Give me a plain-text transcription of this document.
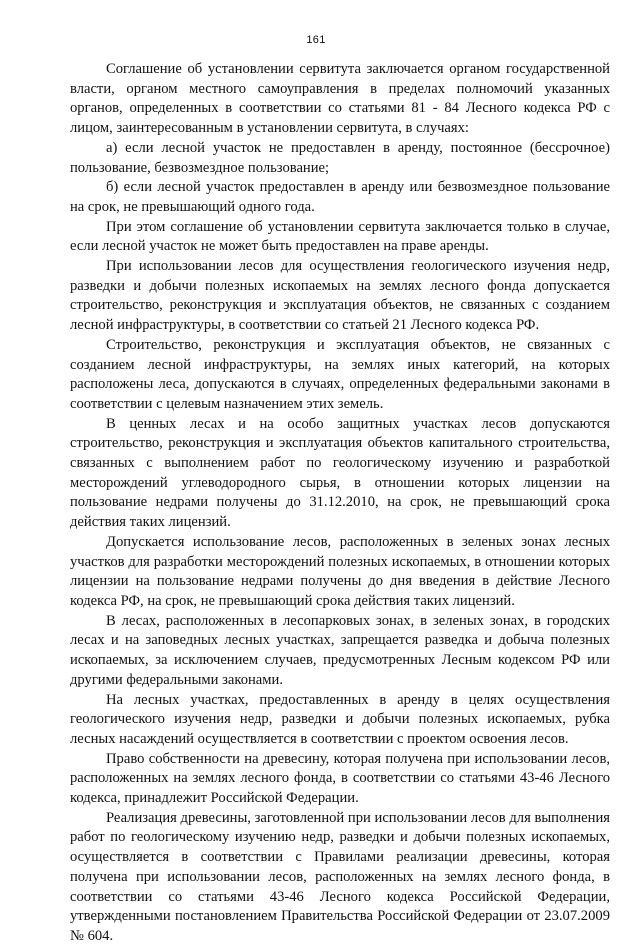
161

Соглашение об установлении сервитута заключается органом государственной власти, органом местного самоуправления в пределах полномочий указанных органов, определенных в соответствии со статьями 81 - 84 Лесного кодекса РФ с лицом, заинтересованным в установлении сервитута, в случаях:

а) если лесной участок не предоставлен в аренду, постоянное (бессрочное) пользование, безвозмездное пользование;

б) если лесной участок предоставлен в аренду или безвозмездное пользование на срок, не превышающий одного года.

При этом соглашение об установлении сервитута заключается только в случае, если лесной участок не может быть предоставлен на праве аренды.

При использовании лесов для осуществления геологического изучения недр, разведки и добычи полезных ископаемых на землях лесного фонда допускается строительство, реконструкция и эксплуатация объектов, не связанных с созданием лесной инфраструктуры, в соответствии со статьей 21 Лесного кодекса РФ.

Строительство, реконструкция и эксплуатация объектов, не связанных с созданием лесной инфраструктуры, на землях иных категорий, на которых расположены леса, допускаются в случаях, определенных федеральными законами в соответствии с целевым назначением этих земель.

В ценных лесах и на особо защитных участках лесов допускаются строительство, реконструкция и эксплуатация объектов капитального строительства, связанных с выполнением работ по геологическому изучению и разработкой месторождений углеводородного сырья, в отношении которых лицензии на пользование недрами получены до 31.12.2010, на срок, не превышающий срока действия таких лицензий.

Допускается использование лесов, расположенных в зеленых зонах лесных участков для разработки месторождений полезных ископаемых, в отношении которых лицензии на пользование недрами получены до дня введения в действие Лесного кодекса РФ, на срок, не превышающий срока действия таких лицензий.

В лесах, расположенных в лесопарковых зонах, в зеленых зонах, в городских лесах и на заповедных лесных участках, запрещается разведка и добыча полезных ископаемых, за исключением случаев, предусмотренных Лесным кодексом РФ или другими федеральными законами.

На лесных участках, предоставленных в аренду в целях осуществления геологического изучения недр, разведки и добычи полезных ископаемых, рубка лесных насаждений осуществляется в соответствии с проектом освоения лесов.

Право собственности на древесину, которая получена при использовании лесов, расположенных на землях лесного фонда, в соответствии со статьями 43-46 Лесного кодекса, принадлежит Российской Федерации.

Реализация древесины, заготовленной при использовании лесов для выполнения работ по геологическому изучению недр, разведки и добычи полезных ископаемых, осуществляется в соответствии с Правилами реализации древесины, которая получена при использовании лесов, расположенных на землях лесного фонда, в соответствии со статьями 43-46 Лесного кодекса Российской Федерации, утвержденными постановлением Правительства Российской Федерации от 23.07.2009 № 604.
